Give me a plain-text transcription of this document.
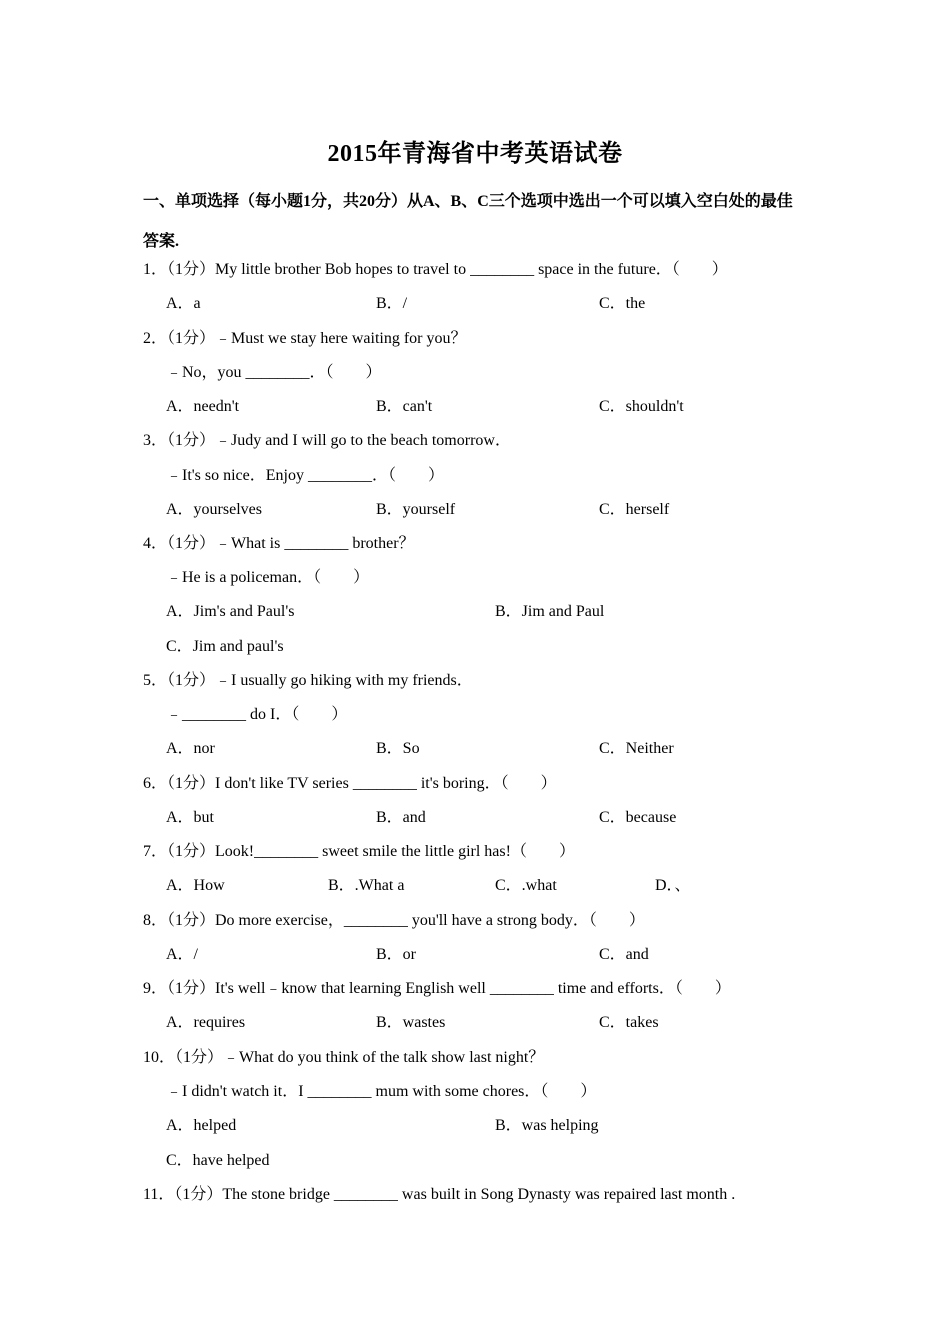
2015年青海省中考英语试卷
一、单项选择（每小题1分，共20分）从A、B、C三个选项中选出一个可以填入空白处的最佳
答案.
1．（1分）My little brother Bob hopes to travel to ________ space in the future．（　　）
A．a	B．/	C．the
2．（1分）﹣Must we stay here waiting for you？
﹣No，you ________．（　　）
A．needn't	B．can't	C．shouldn't
3．（1分）﹣Judy and I will go to the beach tomorrow．
﹣It's so nice．Enjoy ________．（　　）
A．yourselves	B．yourself	C．herself
4．（1分）﹣What is ________ brother？
﹣He is a policeman．（　　）
A．Jim's and Paul's	B．Jim and Paul
C．Jim and paul's
5．（1分）﹣I usually go hiking with my friends．
﹣________ do I．（　　）
A．nor	B．So	C．Neither
6．（1分）I don't like TV series ________ it's boring．（　　）
A．but	B．and	C．because
7．（1分）Look!________ sweet smile the little girl has!（　　）
A．How	B．.What a	C．.what	D．、
8．（1分）Do more exercise，________ you'll have a strong body．（　　）
A．/	B．or	C．and
9．（1分）It's well﹣know that learning English well ________ time and efforts．（　　）
A．requires	B．wastes	C．takes
10．（1分）﹣What do you think of the talk show last night？
﹣I didn't watch it．I ________ mum with some chores．（　　）
A．helped	B．was helping
C．have helped
11．（1分）The stone bridge ________ was built in Song Dynasty was repaired last month .
